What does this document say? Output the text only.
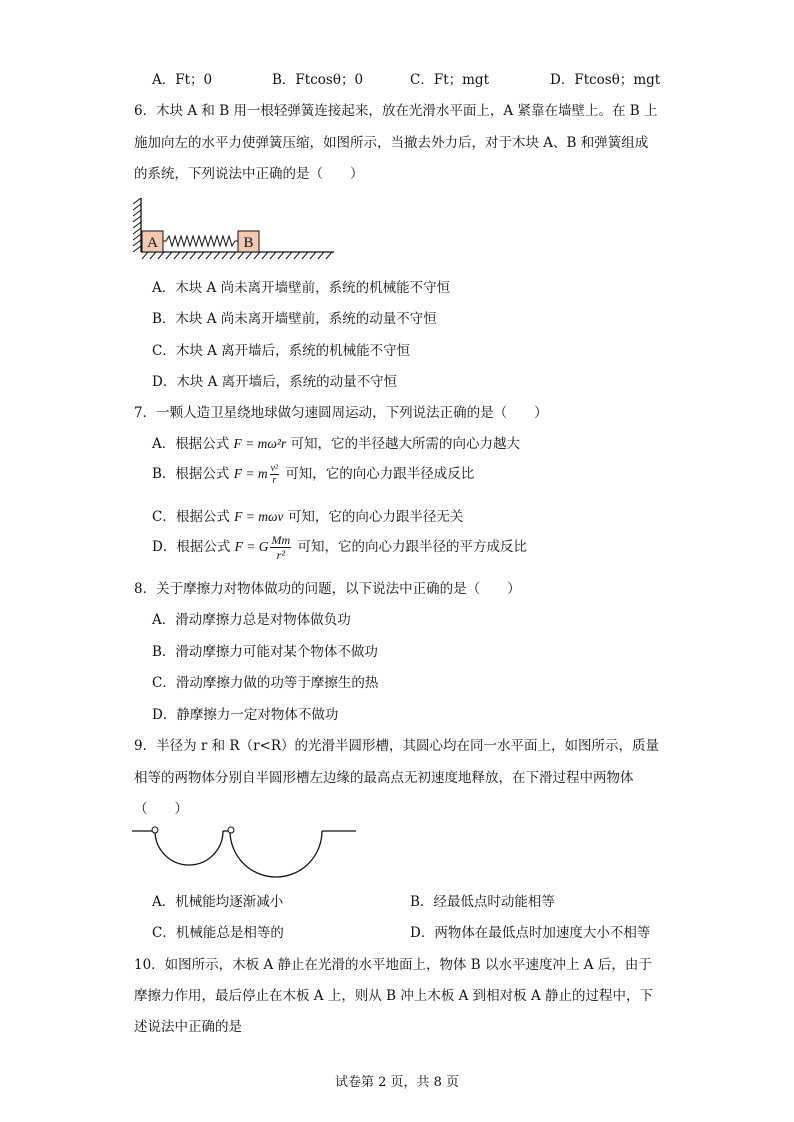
A．Ft；0	B．Ftcosθ；0	C．Ft；mgt	D．Ftcosθ；mgt
6．木块 A 和 B 用一根轻弹簧连接起来，放在光滑水平面上，A 紧靠在墙壁上。在 B 上
施加向左的水平力使弹簧压缩，如图所示，当撤去外力后，对于木块 A、B 和弹簧组成
的系统，下列说法中正确的是（　　）
A	B
A．木块 A 尚未离开墙壁前，系统的机械能不守恒
B．木块 A 尚未离开墙壁前，系统的动量不守恒
C．木块 A 离开墙后，系统的机械能不守恒
D．木块 A 离开墙后，系统的动量不守恒
7．一颗人造卫星绕地球做匀速圆周运动，下列说法正确的是（　　）
A．根据公式 F = mω²r 可知，它的半径越大所需的向心力越大
B．根据公式 F = m $\frac{\text{v²}}{r}$ 可知，它的向心力跟半径成反比
C．根据公式 F = mωv 可知，它的向心力跟半径无关
D．根据公式 F = G $\frac{Mm}{\text{r²}}$ 可知，它的向心力跟半径的平方成反比
8．关于摩擦力对物体做功的问题，以下说法中正确的是（　　）
A．滑动摩擦力总是对物体做负功
B．滑动摩擦力可能对某个物体不做功
C．滑动摩擦力做的功等于摩擦生的热
D．静摩擦力一定对物体不做功
9．半径为 r 和 R（r<R）的光滑半圆形槽，其圆心均在同一水平面上，如图所示，质量
相等的两物体分别自半圆形槽左边缘的最高点无初速度地释放，在下滑过程中两物体
（　　）
A．机械能均逐渐减小	B．经最低点时动能相等
C．机械能总是相等的	D．两物体在最低点时加速度大小不相等
10．如图所示，木板 A 静止在光滑的水平地面上，物体 B 以水平速度冲上 A 后，由于
摩擦力作用，最后停止在木板 A 上，则从 B 冲上木板 A 到相对板 A 静止的过程中，下
述说法中正确的是
试卷第 2 页，共 8 页
